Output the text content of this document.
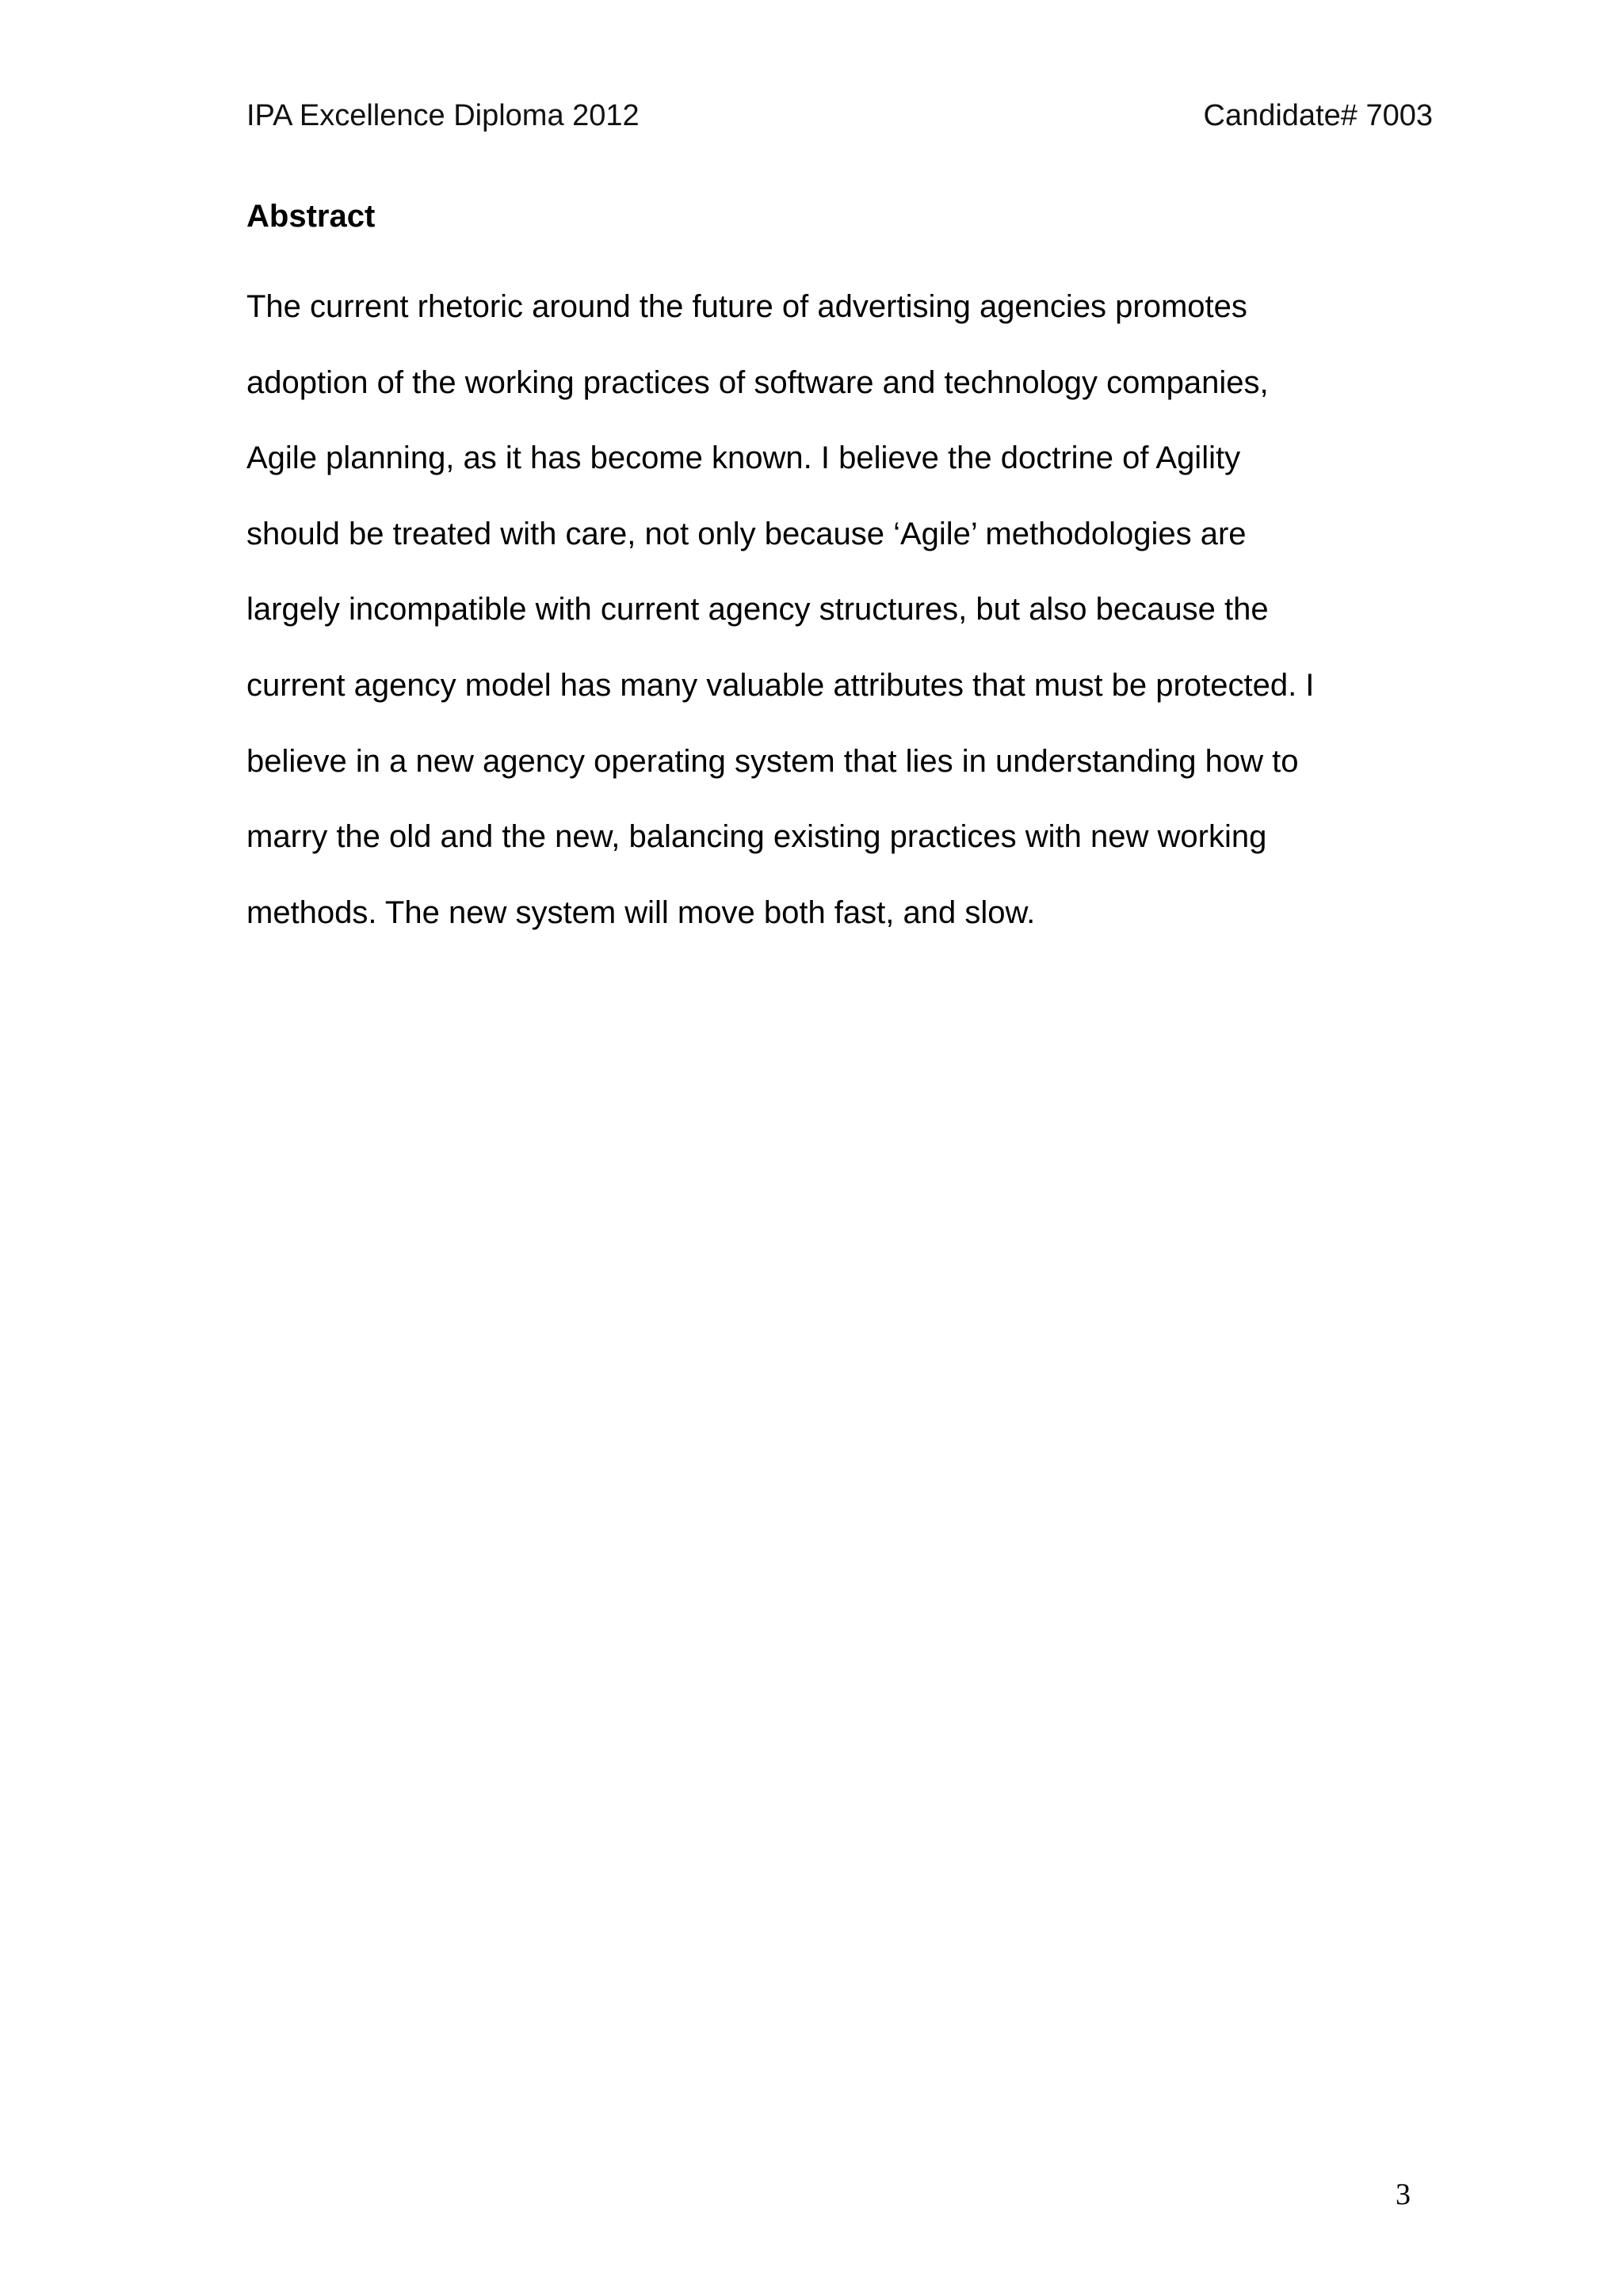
IPA Excellence Diploma 2012	Candidate# 7003
Abstract

The current rhetoric around the future of advertising agencies promotes
adoption of the working practices of software and technology companies,
Agile planning, as it has become known. I believe the doctrine of Agility
should be treated with care, not only because ‘Agile’ methodologies are
largely incompatible with current agency structures, but also because the
current agency model has many valuable attributes that must be protected. I
believe in a new agency operating system that lies in understanding how to
marry the old and the new, balancing existing practices with new working
methods. The new system will move both fast, and slow.

3
